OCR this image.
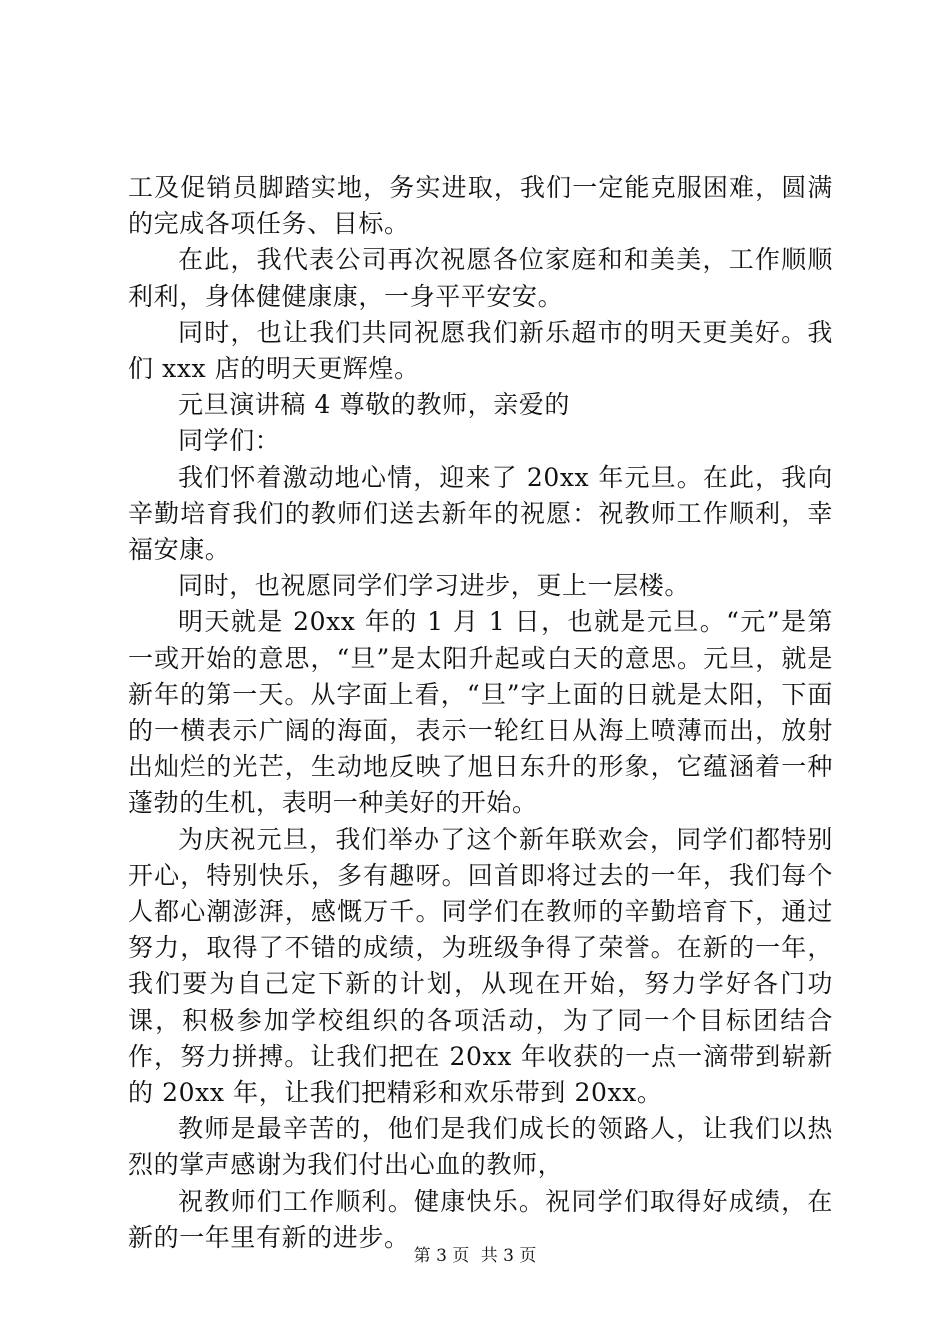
工及促销员脚踏实地，务实进取，我们一定能克服困难，圆满的完成各项任务、目标。

在此，我代表公司再次祝愿各位家庭和和美美，工作顺顺利利，身体健健康康，一身平平安安。

同时，也让我们共同祝愿我们新乐超市的明天更美好。我们 xxx 店的明天更辉煌。

元旦演讲稿 4 尊敬的教师，亲爱的

同学们：

我们怀着激动地心情，迎来了 20xx 年元旦。在此，我向辛勤培育我们的教师们送去新年的祝愿：祝教师工作顺利，幸福安康。

同时，也祝愿同学们学习进步，更上一层楼。

明天就是 20xx 年的 1 月 1 日，也就是元旦。“元”是第一或开始的意思，“旦”是太阳升起或白天的意思。元旦，就是新年的第一天。从字面上看，“旦”字上面的日就是太阳，下面的一横表示广阔的海面，表示一轮红日从海上喷薄而出，放射出灿烂的光芒，生动地反映了旭日东升的形象，它蕴涵着一种蓬勃的生机，表明一种美好的开始。

为庆祝元旦，我们举办了这个新年联欢会，同学们都特别开心，特别快乐，多有趣呀。回首即将过去的一年，我们每个人都心潮澎湃，感慨万千。同学们在教师的辛勤培育下，通过努力，取得了不错的成绩，为班级争得了荣誉。在新的一年，我们要为自己定下新的计划，从现在开始，努力学好各门功课，积极参加学校组织的各项活动，为了同一个目标团结合作，努力拼搏。让我们把在 20xx 年收获的一点一滴带到崭新的 20xx 年，让我们把精彩和欢乐带到 20xx。

教师是最辛苦的，他们是我们成长的领路人，让我们以热烈的掌声感谢为我们付出心血的教师，

祝教师们工作顺利。健康快乐。祝同学们取得好成绩，在新的一年里有新的进步。

第 3 页 共 3 页
